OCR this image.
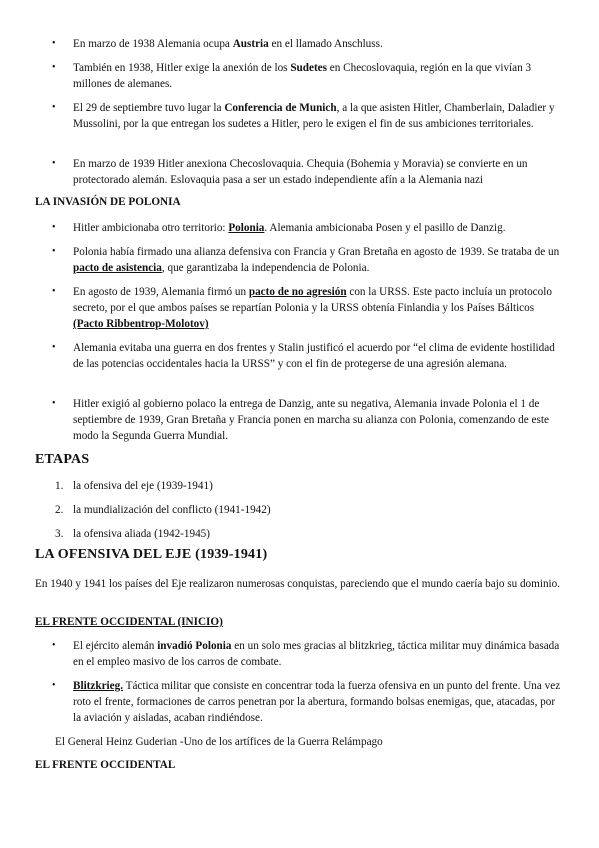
• En marzo de 1938 Alemania ocupa Austria en el llamado Anschluss.
• También en 1938, Hitler exige la anexión de los Sudetes en Checoslovaquia, región en la que vivían 3 millones de alemanes.
• El 29 de septiembre tuvo lugar la Conferencia de Munich, a la que asisten Hitler, Chamberlain, Daladier y Mussolini, por la que entregan los sudetes a Hitler, pero le exigen el fin de sus ambiciones territoriales.
• En marzo de 1939 Hitler anexiona Checoslovaquia. Chequia (Bohemia y Moravia) se convierte en un protectorado alemán. Eslovaquia pasa a ser un estado independiente afín a la Alemania nazi
LA INVASIÓN DE POLONIA
• Hitler ambicionaba otro territorio: Polonia. Alemania ambicionaba Posen y el pasillo de Danzig.
• Polonia había firmado una alianza defensiva con Francia y Gran Bretaña en agosto de 1939. Se trataba de un pacto de asistencia, que garantizaba la independencia de Polonia.
• En agosto de 1939, Alemania firmó un pacto de no agresión con la URSS. Este pacto incluía un protocolo secreto, por el que ambos países se repartían Polonia y la URSS obtenía Finlandia y los Países Bálticos (Pacto Ribbentrop-Molotov)
• Alemania evitaba una guerra en dos frentes y Stalin justificó el acuerdo por “el clima de evidente hostilidad de las potencias occidentales hacia la URSS” y con el fin de protegerse de una agresión alemana.
• Hitler exigió al gobierno polaco la entrega de Danzig, ante su negativa, Alemania invade Polonia el 1 de septiembre de 1939, Gran Bretaña y Francia ponen en marcha su alianza con Polonia, comenzando de este modo la Segunda Guerra Mundial.
ETAPAS
1. la ofensiva del eje (1939-1941)
2. la mundialización del conflicto (1941-1942)
3. la ofensiva aliada (1942-1945)
LA OFENSIVA DEL EJE (1939-1941)
En 1940 y 1941 los países del Eje realizaron numerosas conquistas, pareciendo que el mundo caería bajo su dominio.
EL FRENTE OCCIDENTAL (INICIO)
• El ejército alemán invadió Polonia en un solo mes gracias al blitzkrieg, táctica militar muy dinámica basada en el empleo masivo de los carros de combate.
• Blitzkrieg. Táctica militar que consiste en concentrar toda la fuerza ofensiva en un punto del frente. Una vez roto el frente, formaciones de carros penetran por la abertura, formando bolsas enemigas, que, atacadas, por la aviación y aisladas, acaban rindiéndose.
El General Heinz Guderian -Uno de los artífices de la Guerra Relámpago
EL FRENTE OCCIDENTAL
